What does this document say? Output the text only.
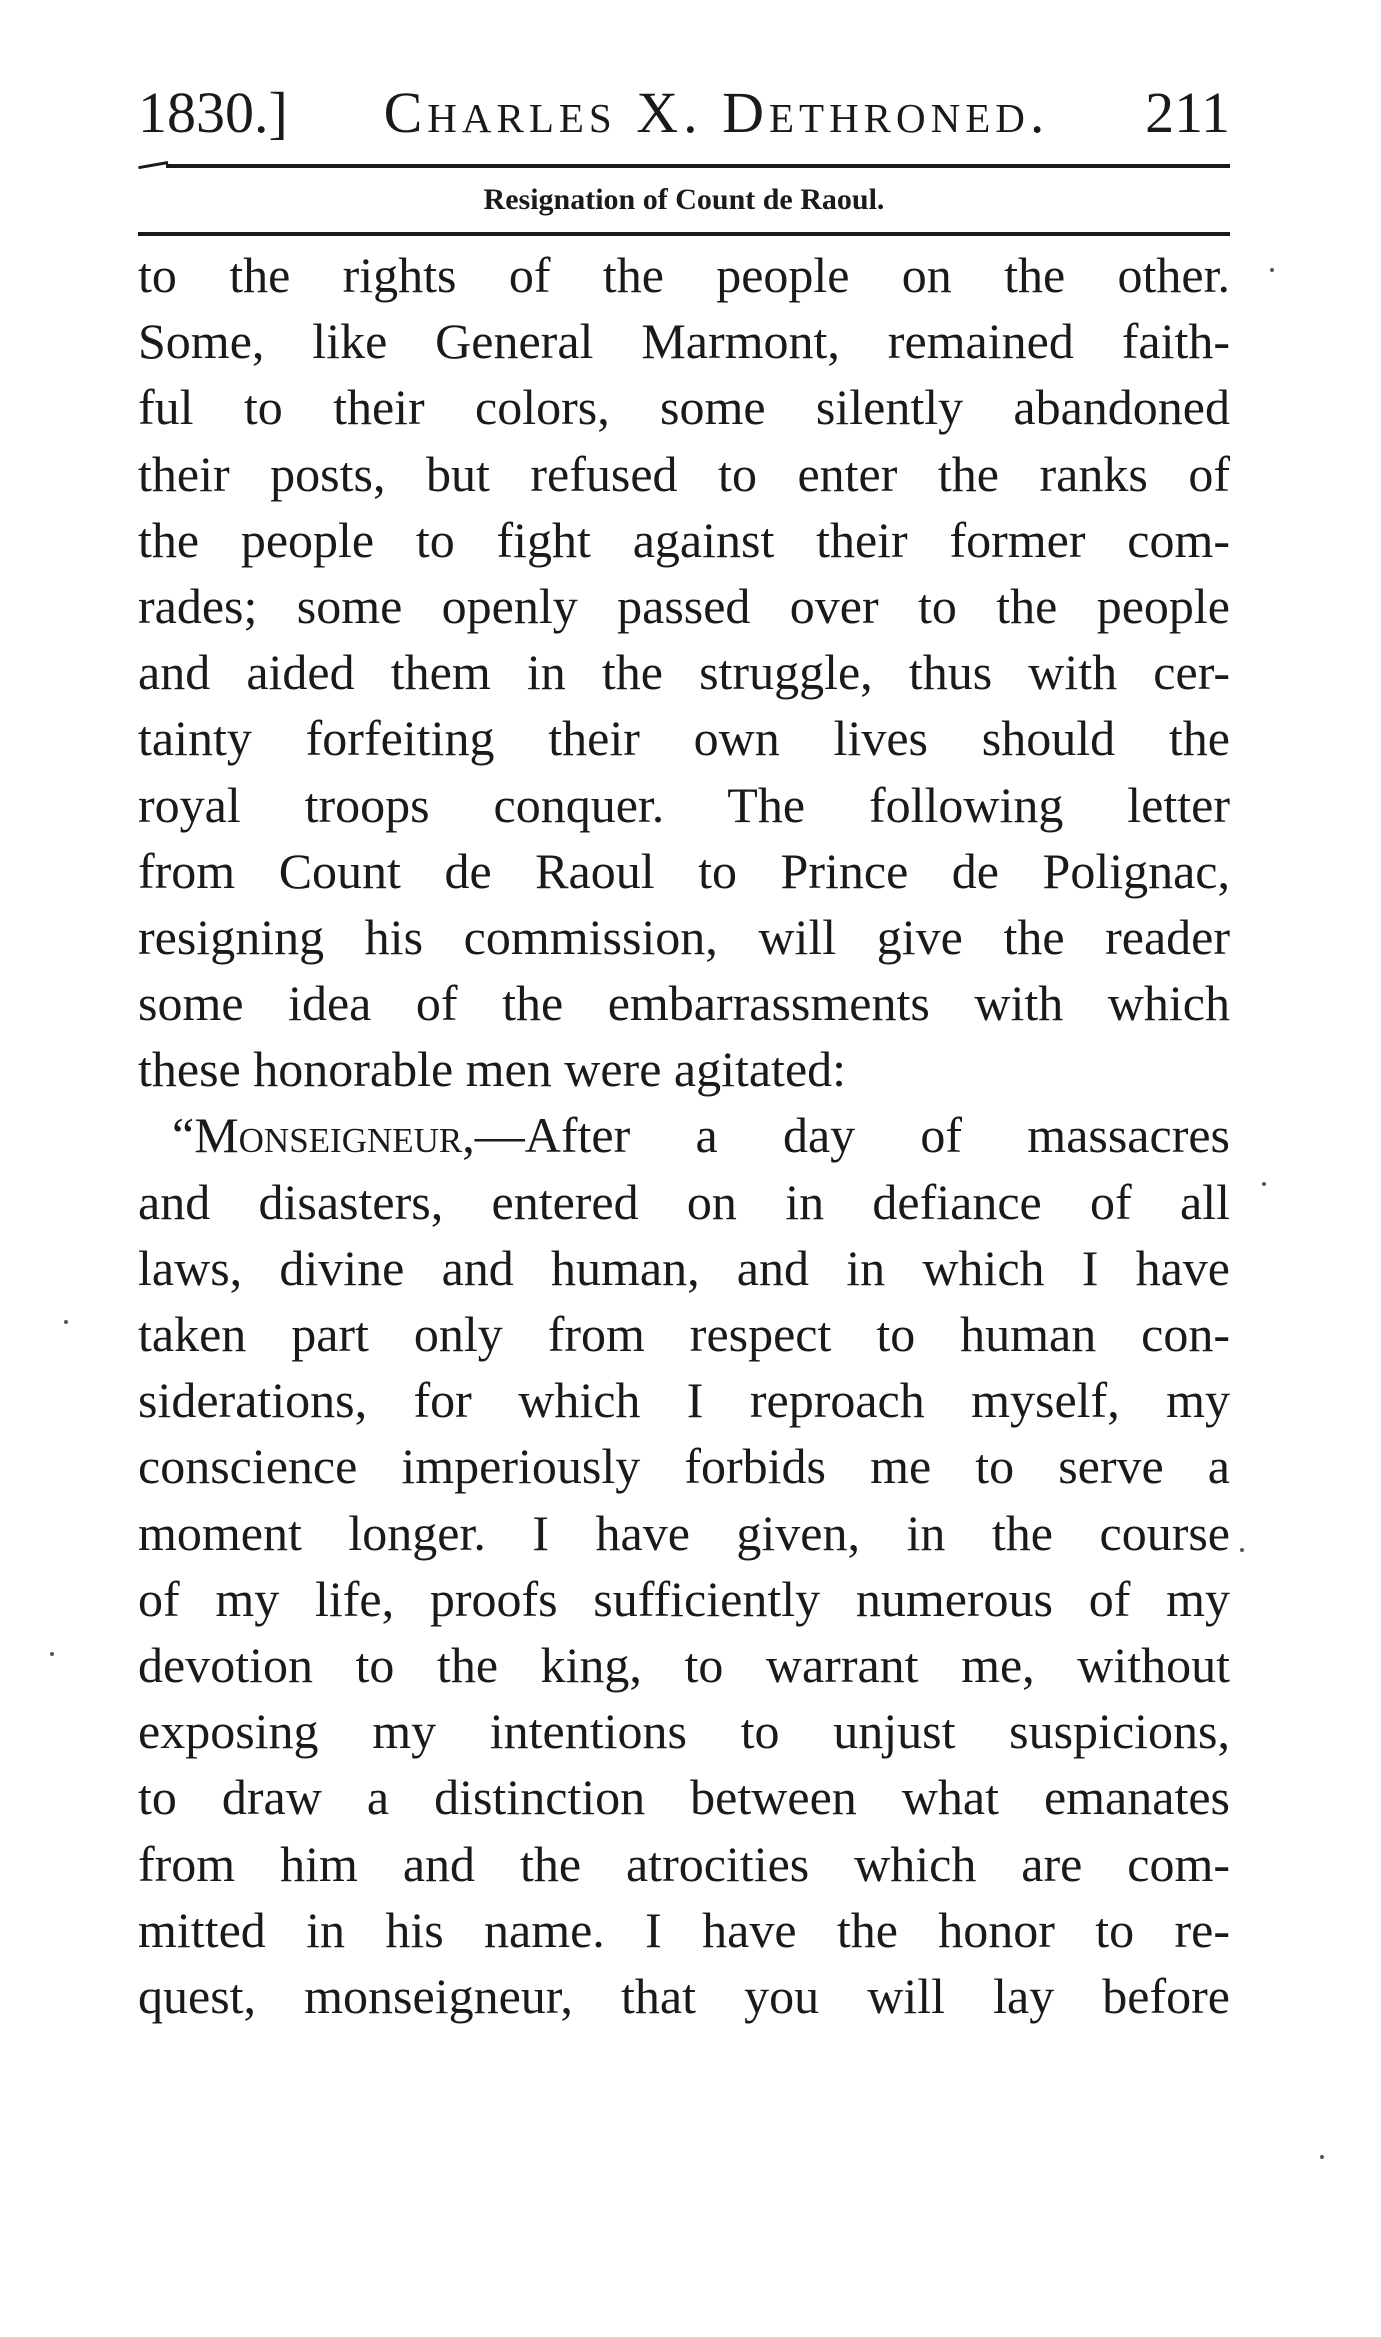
1830.] Charles X. Dethroned. 211
Resignation of Count de Raoul.
to the rights of the people on the other.
Some, like General Marmont, remained faith-
ful to their colors, some silently abandoned
their posts, but refused to enter the ranks of
the people to fight against their former com-
rades; some openly passed over to the people
and aided them in the struggle, thus with cer-
tainty forfeiting their own lives should the
royal troops conquer. The following letter
from Count de Raoul to Prince de Polignac,
resigning his commission, will give the reader
some idea of the embarrassments with which
these honorable men were agitated:
“Monseigneur,—After a day of massacres
and disasters, entered on in defiance of all
laws, divine and human, and in which I have
taken part only from respect to human con-
siderations, for which I reproach myself, my
conscience imperiously forbids me to serve a
moment longer. I have given, in the course
of my life, proofs sufficiently numerous of my
devotion to the king, to warrant me, without
exposing my intentions to unjust suspicions,
to draw a distinction between what emanates
from him and the atrocities which are com-
mitted in his name. I have the honor to re-
quest, monseigneur, that you will lay before
